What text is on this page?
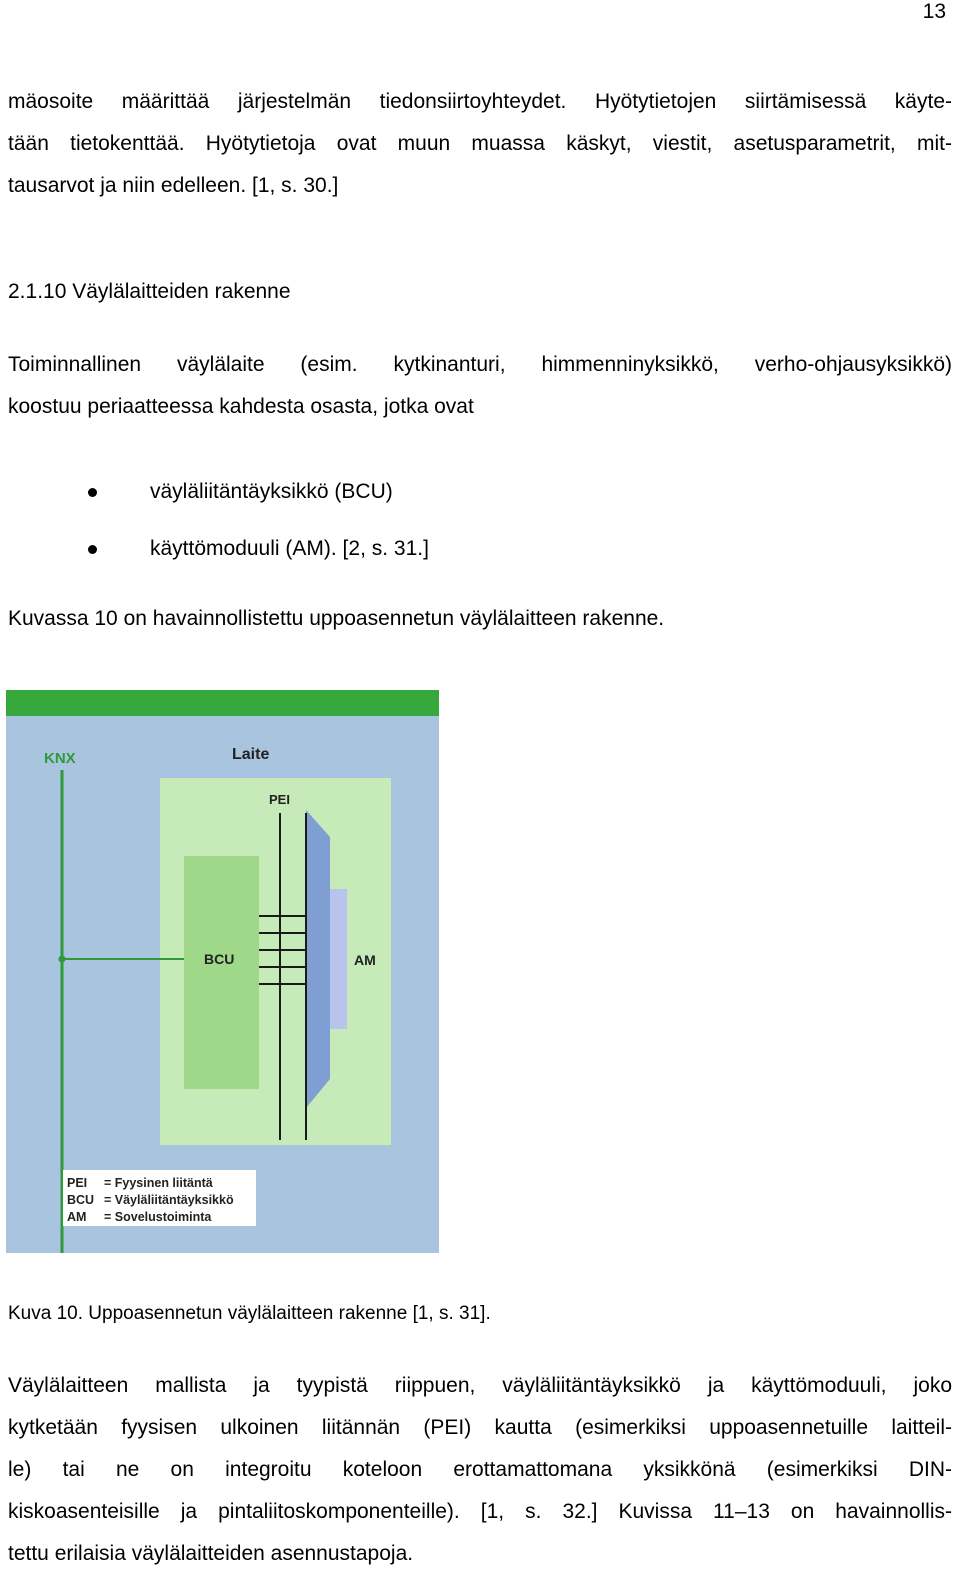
13
mäosoite määrittää järjestelmän tiedonsiirtoyhteydet. Hyötytietojen siirtämisessä käyte-
tään tietokenttää. Hyötytietoja ovat muun muassa käskyt, viestit, asetusparametrit, mit-
tausarvot ja niin edelleen. [1, s. 30.]
2.1.10 Väylälaitteiden rakenne
Toiminnallinen väylälaite (esim. kytkinanturi, himmenninyksikkö, verho-ohjausyksikkö)
koostuu periaatteessa kahdesta osasta, jotka ovat
väyläliitäntäyksikkö (BCU)
käyttömoduuli (AM). [2, s. 31.]
Kuvassa 10 on havainnollistettu uppoasennetun väylälaitteen rakenne.
Laite
KNX
BCU	AM
PEI
PEI = Fyysinen liitäntä
BCU = Väyläliitäntäyksikkö
AM = Sovelustoiminta
Kuva 10. Uppoasennetun väylälaitteen rakenne [1, s. 31].
Väylälaitteen mallista ja tyypistä riippuen, väyläliitäntäyksikkö ja käyttömoduuli, joko
kytketään fyysisen ulkoinen liitännän (PEI) kautta (esimerkiksi uppoasennetuille laitteil-
le) tai ne on integroitu koteloon erottamattomana yksikkönä (esimerkiksi DIN-
kiskoasenteisille ja pintaliitoskomponenteille). [1, s. 32.] Kuvissa 11–13 on havainnollis-
tettu erilaisia väylälaitteiden asennustapoja.
